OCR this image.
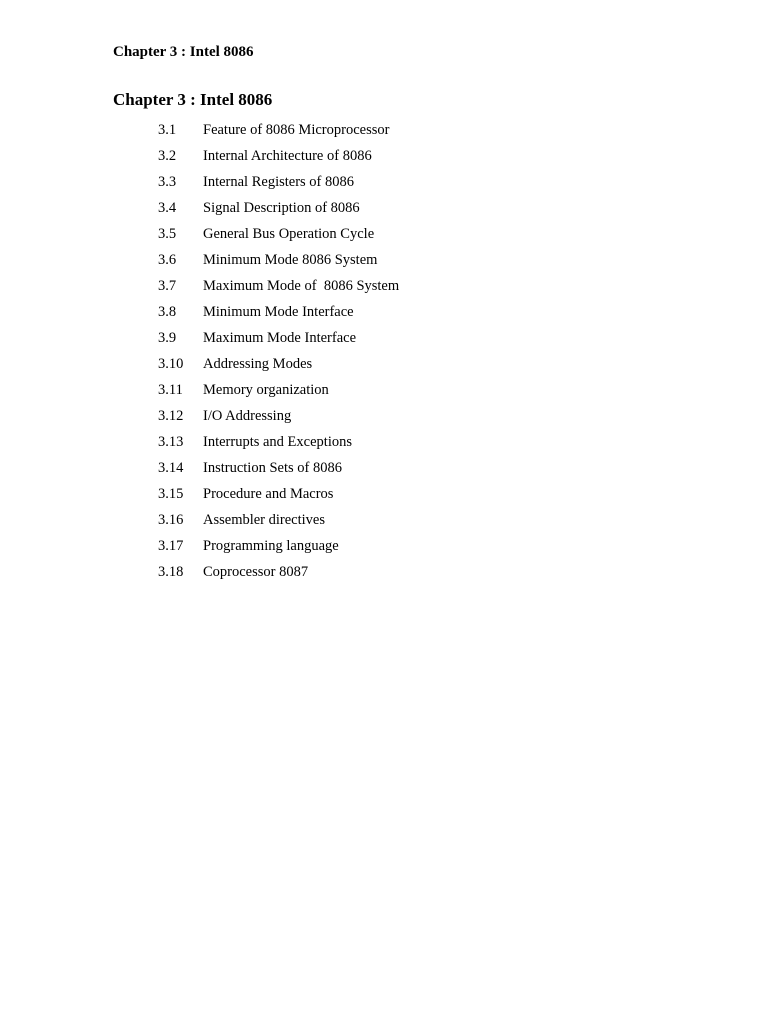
Chapter 3 : Intel 8086
Chapter 3 : Intel 8086
3.1	Feature of 8086 Microprocessor
3.2	Internal Architecture of 8086
3.3	Internal Registers of 8086
3.4	Signal Description of 8086
3.5	General Bus Operation Cycle
3.6	Minimum Mode 8086 System
3.7	Maximum Mode of  8086 System
3.8	Minimum Mode Interface
3.9	Maximum Mode Interface
3.10	Addressing Modes
3.11	Memory organization
3.12	I/O Addressing
3.13	Interrupts and Exceptions
3.14	Instruction Sets of 8086
3.15	Procedure and Macros
3.16	Assembler directives
3.17	Programming language
3.18	Coprocessor 8087
